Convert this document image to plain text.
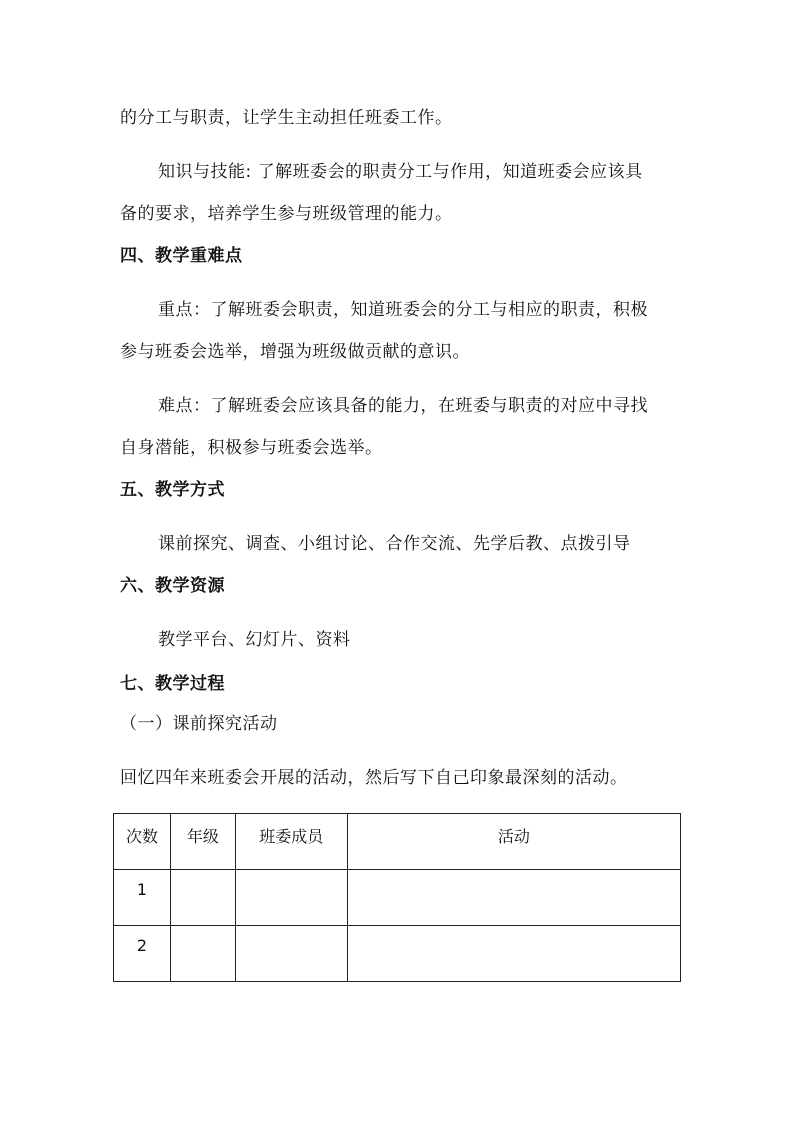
的分工与职责，让学生主动担任班委工作。
知识与技能: 了解班委会的职责分工与作用，知道班委会应该具
备的要求，培养学生参与班级管理的能力。
四、教学重难点
重点：了解班委会职责，知道班委会的分工与相应的职责，积极
参与班委会选举，增强为班级做贡献的意识。
难点：了解班委会应该具备的能力，在班委与职责的对应中寻找
自身潜能，积极参与班委会选举。
五、教学方式
课前探究、调查、小组讨论、合作交流、先学后教、点拨引导
六、教学资源
教学平台、幻灯片、资料
七、教学过程
（一）课前探究活动
回忆四年来班委会开展的活动，然后写下自己印象最深刻的活动。
次数	年级	班委成员	活动
1			
2			
